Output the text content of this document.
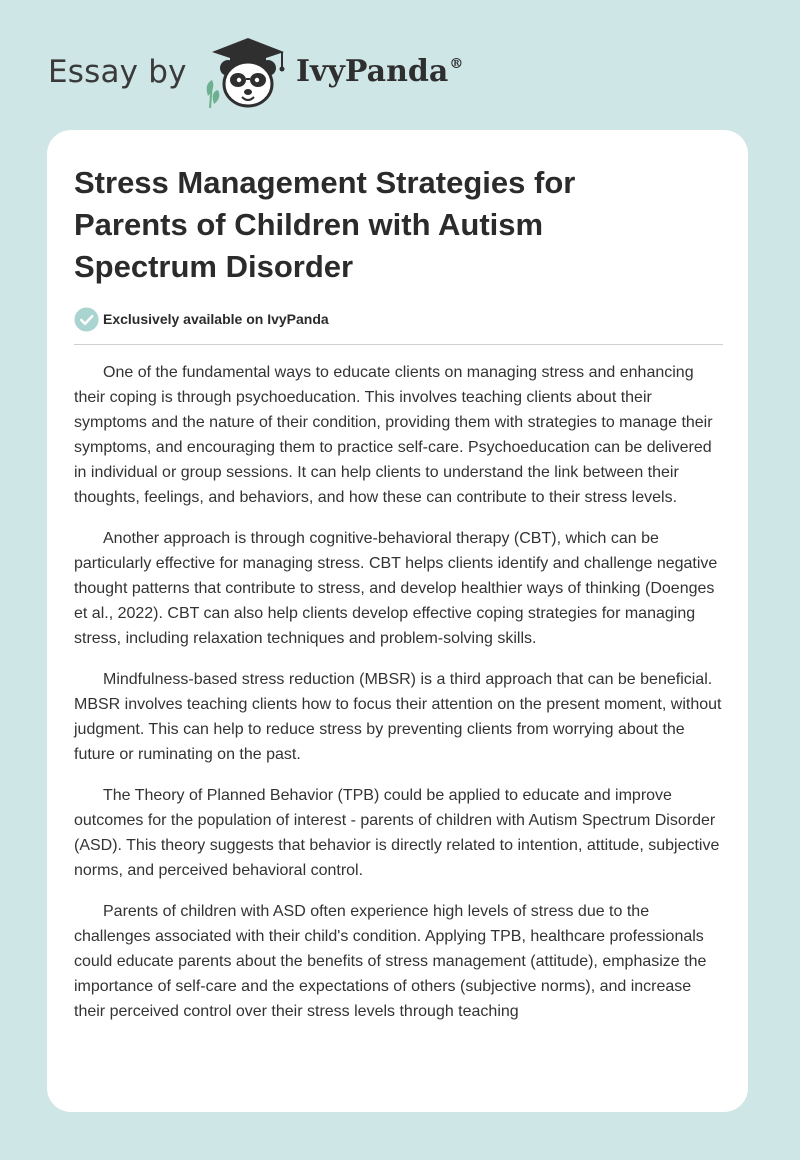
Essay by	IvyPanda®
Stress Management Strategies for Parents of Children with Autism Spectrum Disorder
Exclusively available on IvyPanda

One of the fundamental ways to educate clients on managing stress and enhancing their coping is through psychoeducation. This involves teaching clients about their symptoms and the nature of their condition, providing them with strategies to manage their symptoms, and encouraging them to practice self-care. Psychoeducation can be delivered in individual or group sessions. It can help clients to understand the link between their thoughts, feelings, and behaviors, and how these can contribute to their stress levels.

Another approach is through cognitive-behavioral therapy (CBT), which can be particularly effective for managing stress. CBT helps clients identify and challenge negative thought patterns that contribute to stress, and develop healthier ways of thinking (Doenges et al., 2022). CBT can also help clients develop effective coping strategies for managing stress, including relaxation techniques and problem-solving skills.

Mindfulness-based stress reduction (MBSR) is a third approach that can be beneficial. MBSR involves teaching clients how to focus their attention on the present moment, without judgment. This can help to reduce stress by preventing clients from worrying about the future or ruminating on the past.

The Theory of Planned Behavior (TPB) could be applied to educate and improve outcomes for the population of interest - parents of children with Autism Spectrum Disorder (ASD). This theory suggests that behavior is directly related to intention, attitude, subjective norms, and perceived behavioral control.

Parents of children with ASD often experience high levels of stress due to the challenges associated with their child's condition. Applying TPB, healthcare professionals could educate parents about the benefits of stress management (attitude), emphasize the importance of self-care and the expectations of others (subjective norms), and increase their perceived control over their stress levels through teaching
